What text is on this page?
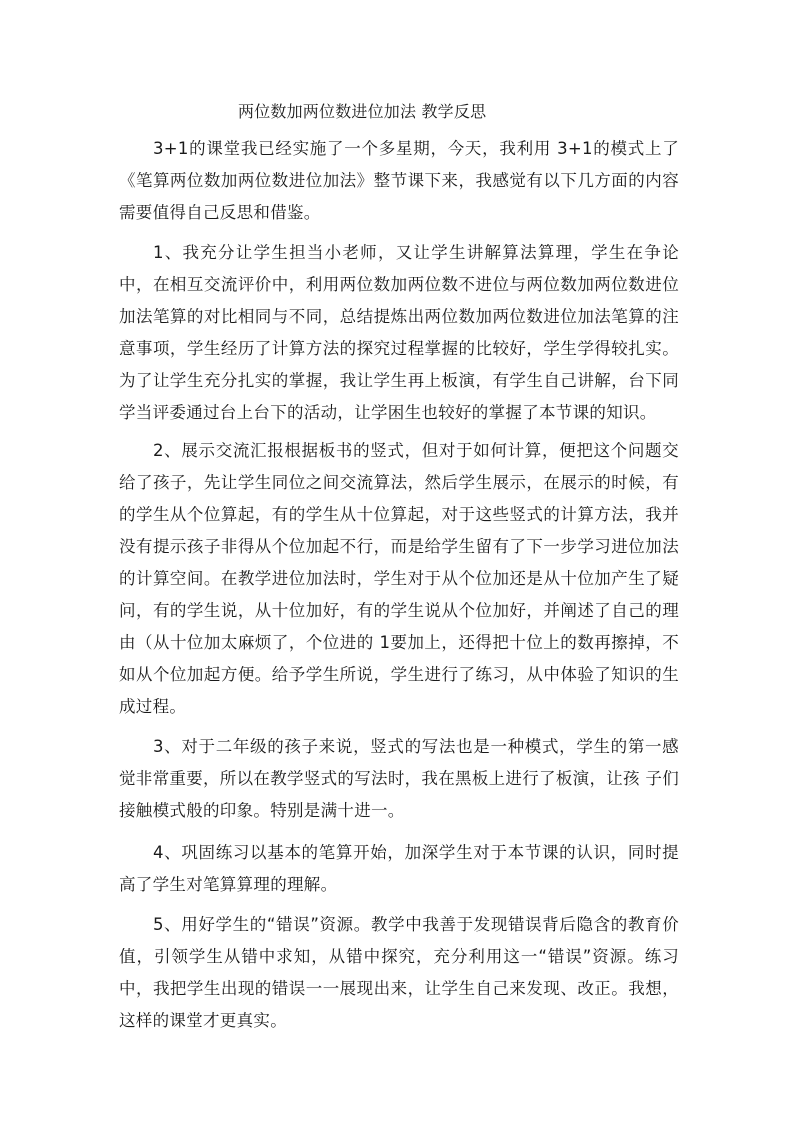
两位数加两位数进位加法 教学反思

3+1的课堂我已经实施了一个多星期，今天，我利用 3+1的模式上了《笔算两位数加两位数进位加法》整节课下来，我感觉有以下几方面的内容需要值得自己反思和借鉴。

1、我充分让学生担当小老师，又让学生讲解算法算理，学生在争论中，在相互交流评价中，利用两位数加两位数不进位与两位数加两位数进位加法笔算的对比相同与不同，总结提炼出两位数加两位数进位加法笔算的注意事项，学生经历了计算方法的探究过程掌握的比较好，学生学得较扎实。为了让学生充分扎实的掌握，我让学生再上板演，有学生自己讲解，台下同学当评委通过台上台下的活动，让学困生也较好的掌握了本节课的知识。

2、展示交流汇报根据板书的竖式，但对于如何计算，便把这个问题交给了孩子，先让学生同位之间交流算法，然后学生展示，在展示的时候，有的学生从个位算起，有的学生从十位算起，对于这些竖式的计算方法，我并没有提示孩子非得从个位加起不行，而是给学生留有了下一步学习进位加法的计算空间。在教学进位加法时，学生对于从个位加还是从十位加产生了疑问，有的学生说，从十位加好，有的学生说从个位加好，并阐述了自己的理由（从十位加太麻烦了，个位进的 1要加上，还得把十位上的数再擦掉，不如从个位加起方便。给予学生所说，学生进行了练习，从中体验了知识的生成过程。

3、对于二年级的孩子来说，竖式的写法也是一种模式，学生的第一感觉非常重要，所以在教学竖式的写法时，我在黑板上进行了板演，让孩 子们接触模式般的印象。特别是满十进一。

4、巩固练习以基本的笔算开始，加深学生对于本节课的认识，同时提高了学生对笔算算理的理解。

5、用好学生的“错误”资源。教学中我善于发现错误背后隐含的教育价值，引领学生从错中求知，从错中探究，充分利用这一“错误”资源。练习中，我把学生出现的错误一一展现出来，让学生自己来发现、改正。我想，这样的课堂才更真实。
